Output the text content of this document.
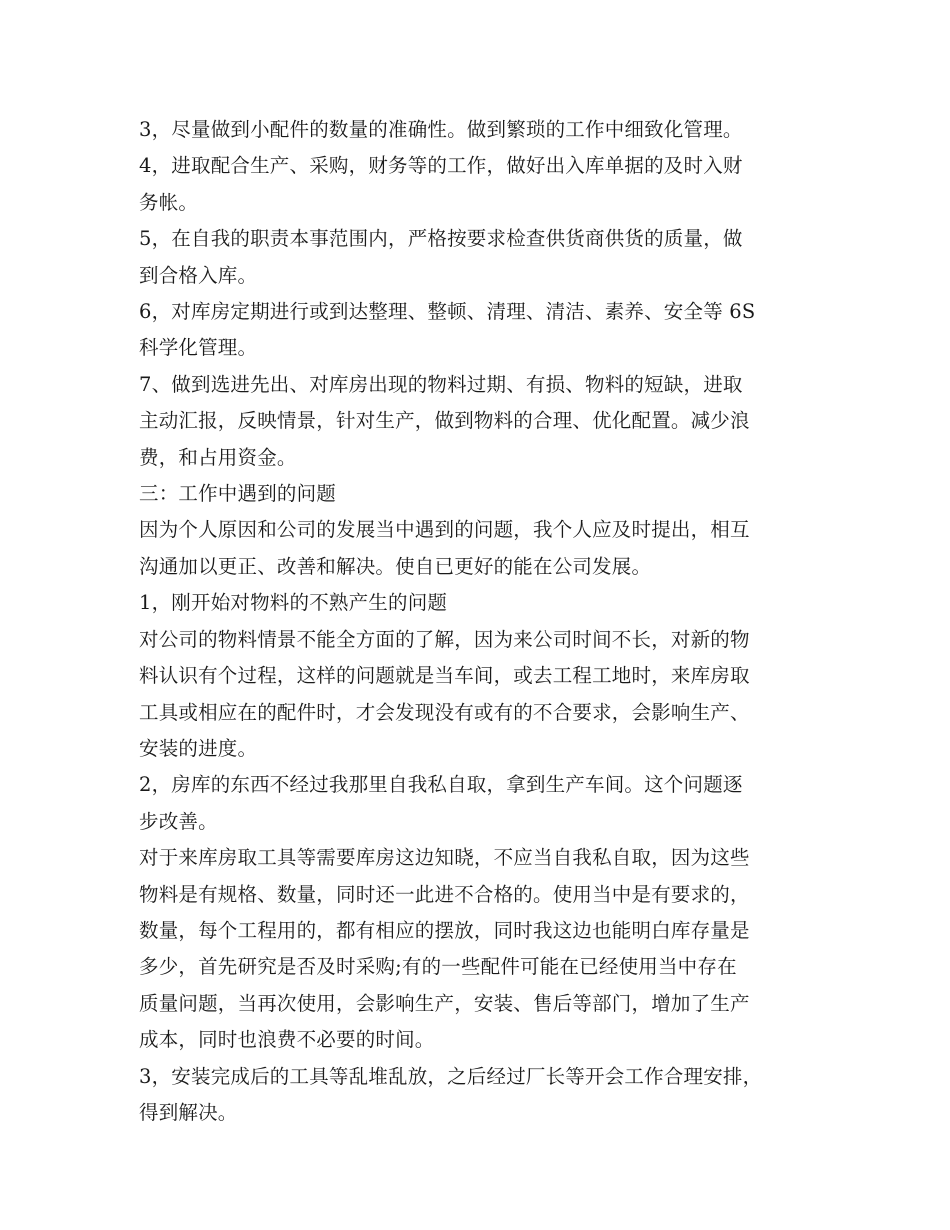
3，尽量做到小配件的数量的准确性。做到繁琐的工作中细致化管理。
4，进取配合生产、采购，财务等的工作，做好出入库单据的及时入财
务帐。
5，在自我的职责本事范围内，严格按要求检查供货商供货的质量，做
到合格入库。
6，对库房定期进行或到达整理、整顿、清理、清洁、素养、安全等 6S
科学化管理。
7、做到选进先出、对库房出现的物料过期、有损、物料的短缺，进取
主动汇报，反映情景，针对生产，做到物料的合理、优化配置。减少浪
费，和占用资金。
三：工作中遇到的问题
因为个人原因和公司的发展当中遇到的问题，我个人应及时提出，相互
沟通加以更正、改善和解决。使自已更好的能在公司发展。
1，刚开始对物料的不熟产生的问题
对公司的物料情景不能全方面的了解，因为来公司时间不长，对新的物
料认识有个过程，这样的问题就是当车间，或去工程工地时，来库房取
工具或相应在的配件时，才会发现没有或有的不合要求，会影响生产、
安装的进度。
2，房库的东西不经过我那里自我私自取，拿到生产车间。这个问题逐
步改善。
对于来库房取工具等需要库房这边知晓，不应当自我私自取，因为这些
物料是有规格、数量，同时还一此进不合格的。使用当中是有要求的，
数量，每个工程用的，都有相应的摆放，同时我这边也能明白库存量是
多少，首先研究是否及时采购;有的一些配件可能在已经使用当中存在
质量问题，当再次使用，会影响生产，安装、售后等部门，增加了生产
成本，同时也浪费不必要的时间。
3，安装完成后的工具等乱堆乱放，之后经过厂长等开会工作合理安排，
得到解决。
